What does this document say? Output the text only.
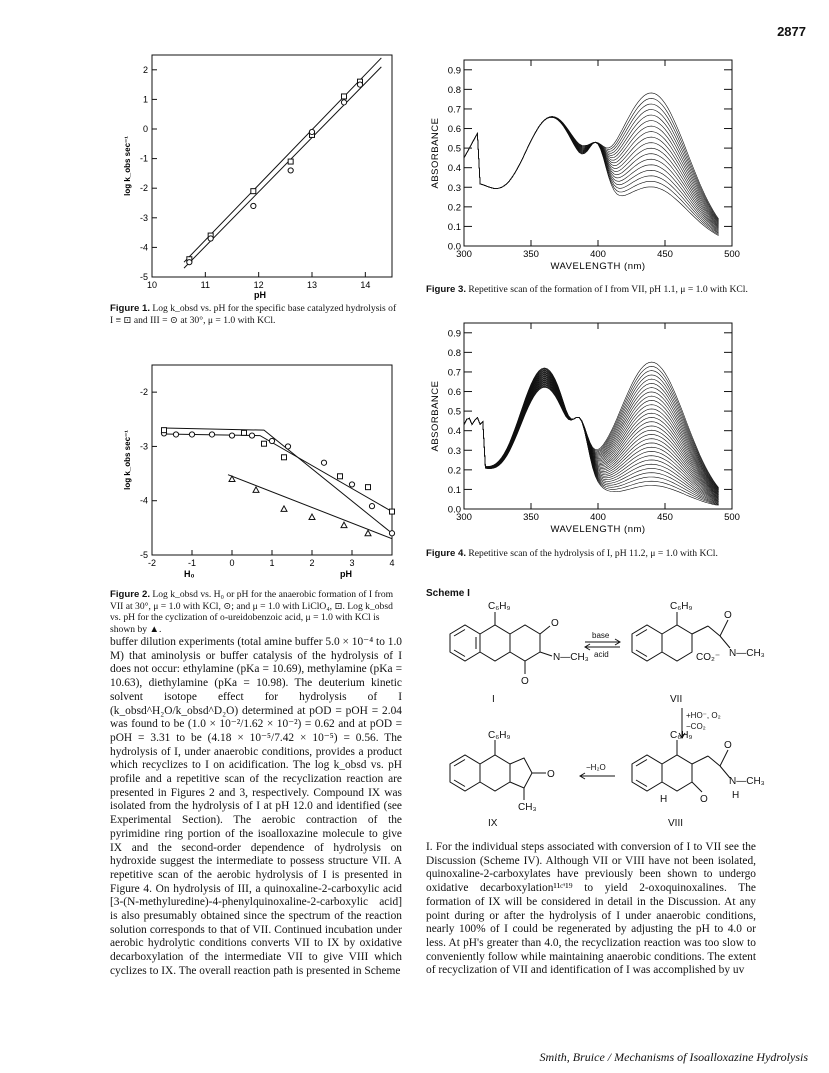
2877
10	11	12	13	14
2
1
0
-1
-2
-3
-4
-5
log k_obs sec⁻¹
pH
Figure 1. Log k_obsd vs. pH for the specific base catalyzed hydrolysis of I ≡ ⊡ and III = ⊙ at 30°, μ = 1.0 with KCl.
-2	-1	0	1	2	3	4
-2
-3
-4
-5
log k_obs sec⁻¹
H₀	pH
Figure 2. Log k_obsd vs. H₀ or pH for the anaerobic formation of I from VII at 30°, μ = 1.0 with KCl, ⊙; and μ = 1.0 with LiClO₄, ⊡. Log k_obsd vs. pH for the cyclization of o-ureidobenzoic acid, μ = 1.0 with KCl is shown by ▲.
300	350	400	450	500
0.9
0.8
0.7
0.6
0.5
0.4
0.3
0.2
0.1
0.0
WAVELENGTH (nm)
ABSORBANCE
Figure 3. Repetitive scan of the formation of I from VII, pH 1.1, μ = 1.0 with KCl.
300	350	400	450	500
0.9
0.8
0.7
0.6
0.5
0.4
0.3
0.2
0.1
0.0
WAVELENGTH (nm)
ABSORBANCE
Figure 4. Repetitive scan of the hydrolysis of I, pH 11.2, μ = 1.0 with KCl.
Scheme I
C₆H₉
O
O
N—CH₃
I
base
acid
C₆H₉
CO₂⁻ N—CH₃
O
VII
+HO⁻, O₂
−CO₂
C₆H₉
O
CH₃
IX
−H₂O
C₆H₉
O
N—CH₃
O
H	H
VIII

buffer dilution experiments (total amine buffer 5.0 × 10⁻⁴ to 1.0 M) that aminolysis or buffer catalysis of the hydrolysis of I does not occur: ethylamine (pKa = 10.69), methylamine (pKa = 10.63), diethylamine (pKa = 10.98). The deuterium kinetic solvent isotope effect for hydrolysis of I (k_obsd^H₂O/k_obsd^D₂O) determined at pOD = pOH = 2.04 was found to be (1.0 × 10⁻²/1.62 × 10⁻²) = 0.62 and at pOD = pOH = 3.31 to be (4.18 × 10⁻⁵/7.42 × 10⁻⁵) = 0.56. The hydrolysis of I, under anaerobic conditions, provides a product which recyclizes to I on acidification. The log k_obsd vs. pH profile and a repetitive scan of the recyclization reaction are presented in Figures 2 and 3, respectively. Compound IX was isolated from the hydrolysis of I at pH 12.0 and identified (see Experimental Section). The aerobic contraction of the pyrimidine ring portion of the isoalloxazine molecule to give IX and the second-order dependence of hydrolysis on hydroxide suggest the intermediate to possess structure VII. A repetitive scan of the aerobic hydrolysis of I is presented in Figure 4. On hydrolysis of III, a quinoxaline-2-carboxylic acid [3-(N-methyluredine)-4-phenylquinoxaline-2-carboxylic acid] is also presumably obtained since the spectrum of the reaction solution corresponds to that of VII. Continued incubation under aerobic hydrolytic conditions converts VII to IX by oxidative decarboxylation of the intermediate VII to give VIII which cyclizes to IX. The overall reaction path is presented in Scheme

I. For the individual steps associated with conversion of I to VII see the Discussion (Scheme IV). Although VII or VIII have not been isolated, quinoxaline-2-carboxylates have previously been shown to undergo oxidative decarboxylation¹¹ᶜ'¹⁹ to yield 2-oxoquinoxalines. The formation of IX will be considered in detail in the Discussion. At any point during or after the hydrolysis of I under anaerobic conditions, nearly 100% of I could be regenerated by adjusting the pH to 4.0 or less. At pH's greater than 4.0, the recyclization reaction was too slow to conveniently follow while maintaining anaerobic conditions. The extent of recyclization of VII and identification of I was accomplished by uv

Smith, Bruice / Mechanisms of Isoalloxazine Hydrolysis
